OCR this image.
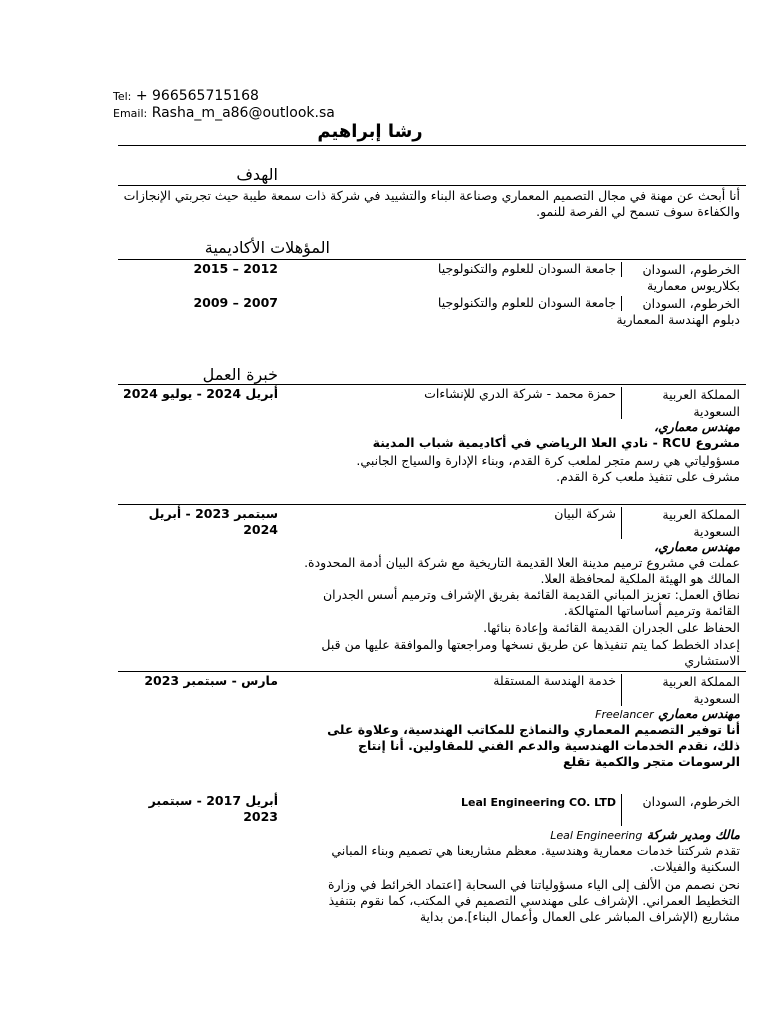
Tel: + 966565715168
Email: Rasha_m_a86@outlook.sa
رشا إبراهيم
الهدف
أنا أبحث عن مهنة في مجال التصميم المعماري وصناعة البناء والتشييد في شركة ذات سمعة طيبة حيث تجربتي الإنجازات والكفاءة سوف تسمح لي الفرصة للنمو.
المؤهلات الأكاديمية
الخرطوم، السودان
جامعة السودان للعلوم والتكنولوجيا
2012 – 2015
بكلاريوس معمارية
الخرطوم، السودان
جامعة السودان للعلوم والتكنولوجيا
2007 – 2009
دبلوم الهندسة المعمارية
خبرة العمل
المملكة العربية السعودية
حمزة محمد - شركة الدري للإنشاءات
أبريل 2024 - يوليو 2024
مهندس معماري،
مشروع RCU - نادي العلا الرياضي في أكاديمية شباب المدينة
مسؤولياتي هي رسم متجر لملعب كرة القدم، وبناء الإدارة والسياج الجانبي.
مشرف على تنفيذ ملعب كرة القدم.
المملكة العربية السعودية
شركة البيان
سبتمبر 2023 - أبريل 2024
مهندس معماري،
عملت في مشروع ترميم مدينة العلا القديمة التاريخية مع شركة البيان أدمة المحدودة. المالك هو الهيئة الملكية لمحافظة العلا.
نطاق العمل: تعزيز المباني القديمة القائمة بفريق الإشراف وترميم أسس الجدران القائمة وترميم أساساتها المتهالكة.
الحفاظ على الجدران القديمة القائمة وإعادة بنائها.
إعداد الخطط كما يتم تنفيذها عن طريق نسخها ومراجعتها والموافقة عليها من قبل الاستشاري
المملكة العربية السعودية
خدمة الهندسة المستقلة
مارس - سبتمبر 2023
مهندس معماري Freelancer
أنا توفير التصميم المعماري والنماذج للمكاتب الهندسية، وعلاوة على ذلك، نقدم الخدمات الهندسية والدعم الفني للمقاولين. أنا إنتاج الرسومات متجر والكمية تقلع
الخرطوم، السودان
Leal Engineering CO. LTD
أبريل 2017 - سبتمبر 2023
مالك ومدير شركة Leal Engineering
تقدم شركتنا خدمات معمارية وهندسية. معظم مشاريعنا هي تصميم وبناء المباني السكنية والفيلات.
نحن نصمم من الألف إلى الياء مسؤولياتنا في السحابة [اعتماد الخرائط في وزارة التخطيط العمراني. الإشراف على مهندسي التصميم في المكتب، كما نقوم بتنفيذ مشاريع (الإشراف المباشر على العمال وأعمال البناء].من بداية
